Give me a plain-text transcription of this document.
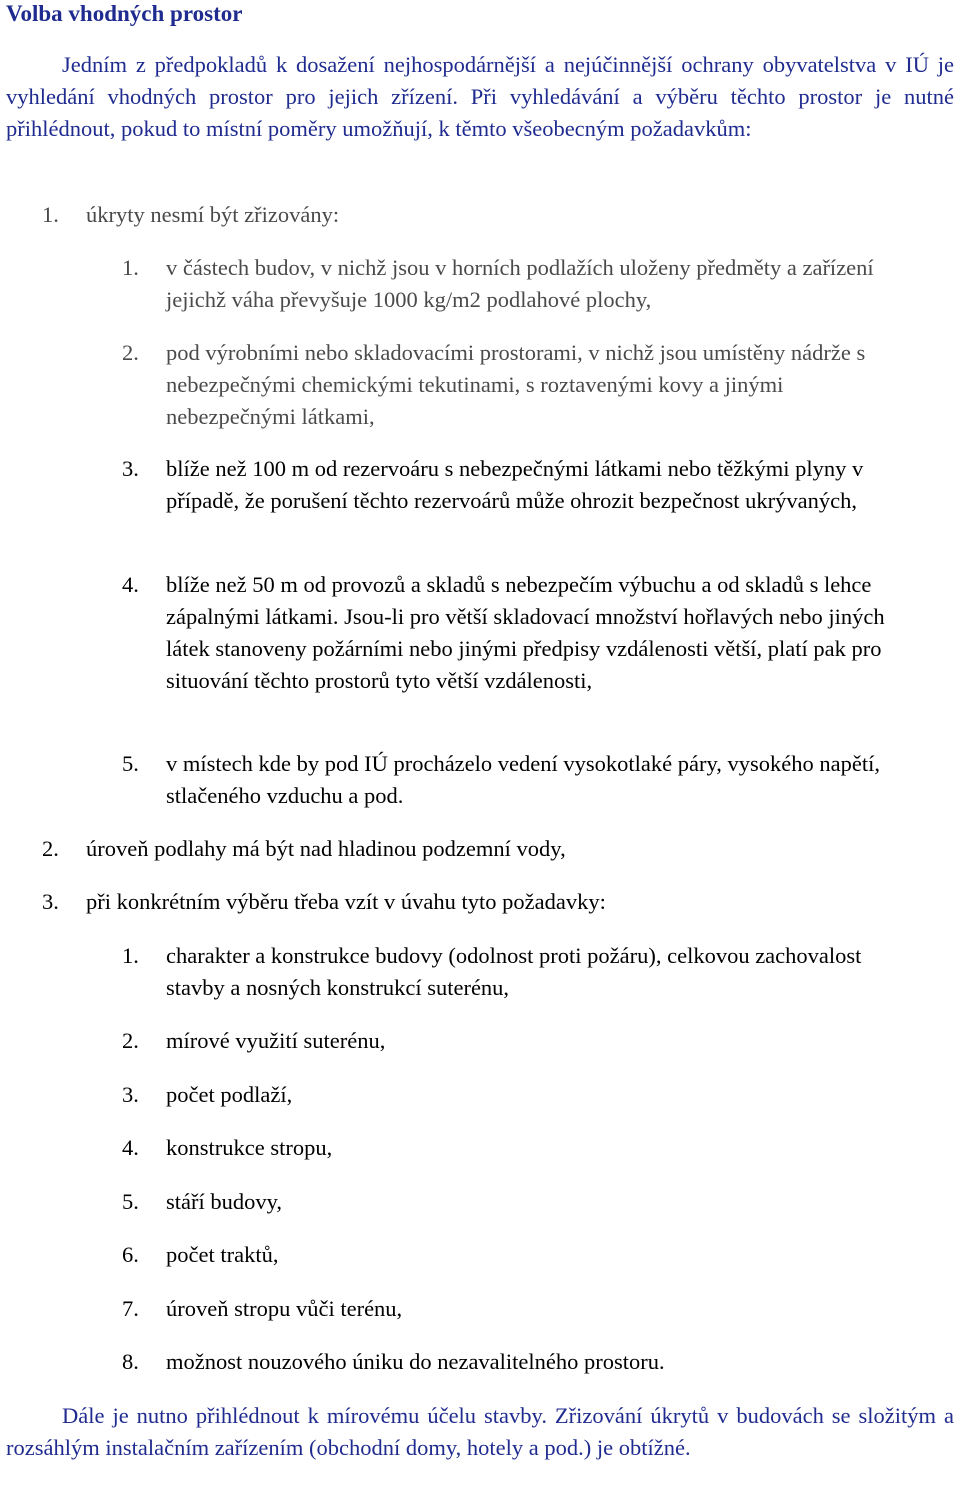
Volba vhodných prostor

Jedním z předpokladů k dosažení nejhospodárnější a nejúčinnější ochrany obyvatelstva v IÚ je vyhledání vhodných prostor pro jejich zřízení. Při vyhledávání a výběru těchto prostor je nutné přihlédnout, pokud to místní poměry umožňují, k těmto všeobecným požadavkům:

1. úkryty nesmí být zřizovány:
1. v částech budov, v nichž jsou v horních podlažích uloženy předměty a zařízení jejichž váha převyšuje 1000 kg/m2 podlahové plochy,
2. pod výrobními nebo skladovacími prostorami, v nichž jsou umístěny nádrže s nebezpečnými chemickými tekutinami, s roztavenými kovy a jinými nebezpečnými látkami,
3. blíže než 100 m od rezervoáru s nebezpečnými látkami nebo těžkými plyny v případě, že porušení těchto rezervoárů může ohrozit bezpečnost ukrývaných,
4. blíže než 50 m od provozů a skladů s nebezpečím výbuchu a od skladů s lehce zápalnými látkami. Jsou-li pro větší skladovací množství hořlavých nebo jiných látek stanoveny požárními nebo jinými předpisy vzdálenosti větší, platí pak pro situování těchto prostorů tyto větší vzdálenosti,
5. v místech kde by pod IÚ procházelo vedení vysokotlaké páry, vysokého napětí, stlačeného vzduchu a pod.
2. úroveň podlahy má být nad hladinou podzemní vody,
3. při konkrétním výběru třeba vzít v úvahu tyto požadavky:
1. charakter a konstrukce budovy (odolnost proti požáru), celkovou zachovalost stavby a nosných konstrukcí suterénu,
2. mírové využití suterénu,
3. počet podlaží,
4. konstrukce stropu,
5. stáří budovy,
6. počet traktů,
7. úroveň stropu vůči terénu,
8. možnost nouzového úniku do nezavalitelného prostoru.

Dále je nutno přihlédnout k mírovému účelu stavby. Zřizování úkrytů v budovách se složitým a rozsáhlým instalačním zařízením (obchodní domy, hotely a pod.) je obtížné.
